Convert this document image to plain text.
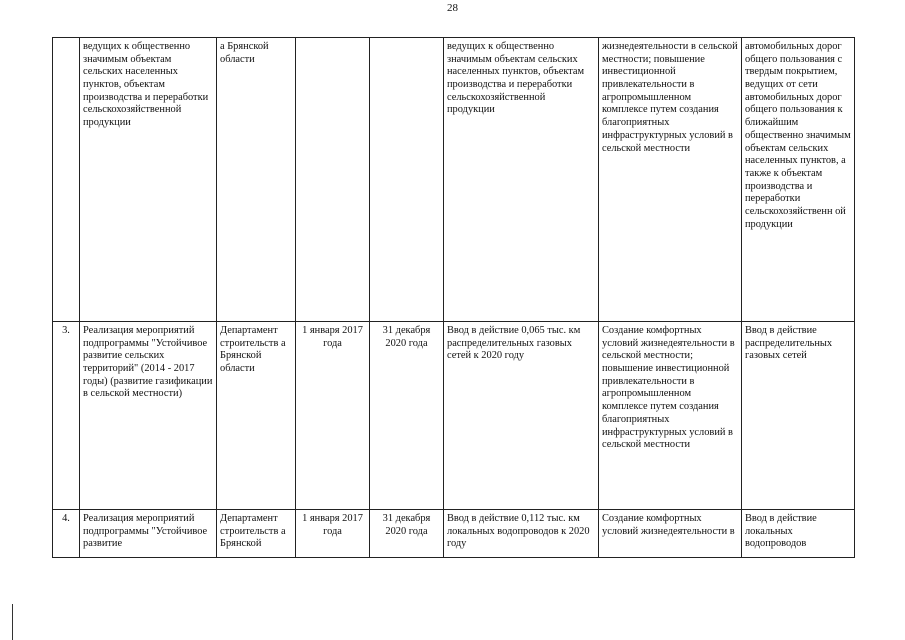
28
	ведущих к общественно значимым объектам сельских населенных пунктов, объектам производства и переработки сельскохозяйственной продукции	а Брянской области			ведущих к общественно значимым объектам сельских населенных пунктов, объектам производства и переработки сельскохозяйственной продукции	жизнедеятельности в сельской местности; повышение инвестиционной привлекательности в агропромышленном комплексе путем создания благоприятных инфраструктурных условий в сельской местности	автомобильных дорог общего пользования с твердым покрытием, ведущих от сети автомобильных дорог общего пользования к ближайшим общественно значимым объектам сельских населенных пунктов, а также к объектам производства и переработки сельскохозяйственн ой продукции
3.	Реализация мероприятий подпрограммы "Устойчивое развитие сельских территорий" (2014 - 2017 годы) (развитие газификации в сельской местности)	Департамент строительств а Брянской области	1 января 2017 года	31 декабря 2020 года	Ввод в действие 0,065 тыс. км распределительных газовых сетей к 2020 году	Создание комфортных условий жизнедеятельности в сельской местности; повышение инвестиционной привлекательности в агропромышленном комплексе путем создания благоприятных инфраструктурных условий в сельской местности	Ввод в действие распределительных газовых сетей
4.	Реализация мероприятий подпрограммы "Устойчивое развитие	Департамент строительств а Брянской	1 января 2017 года	31 декабря 2020 года	Ввод в действие 0,112 тыс. км локальных водопроводов к 2020 году	Создание комфортных условий жизнедеятельности в	Ввод в действие локальных водопроводов
